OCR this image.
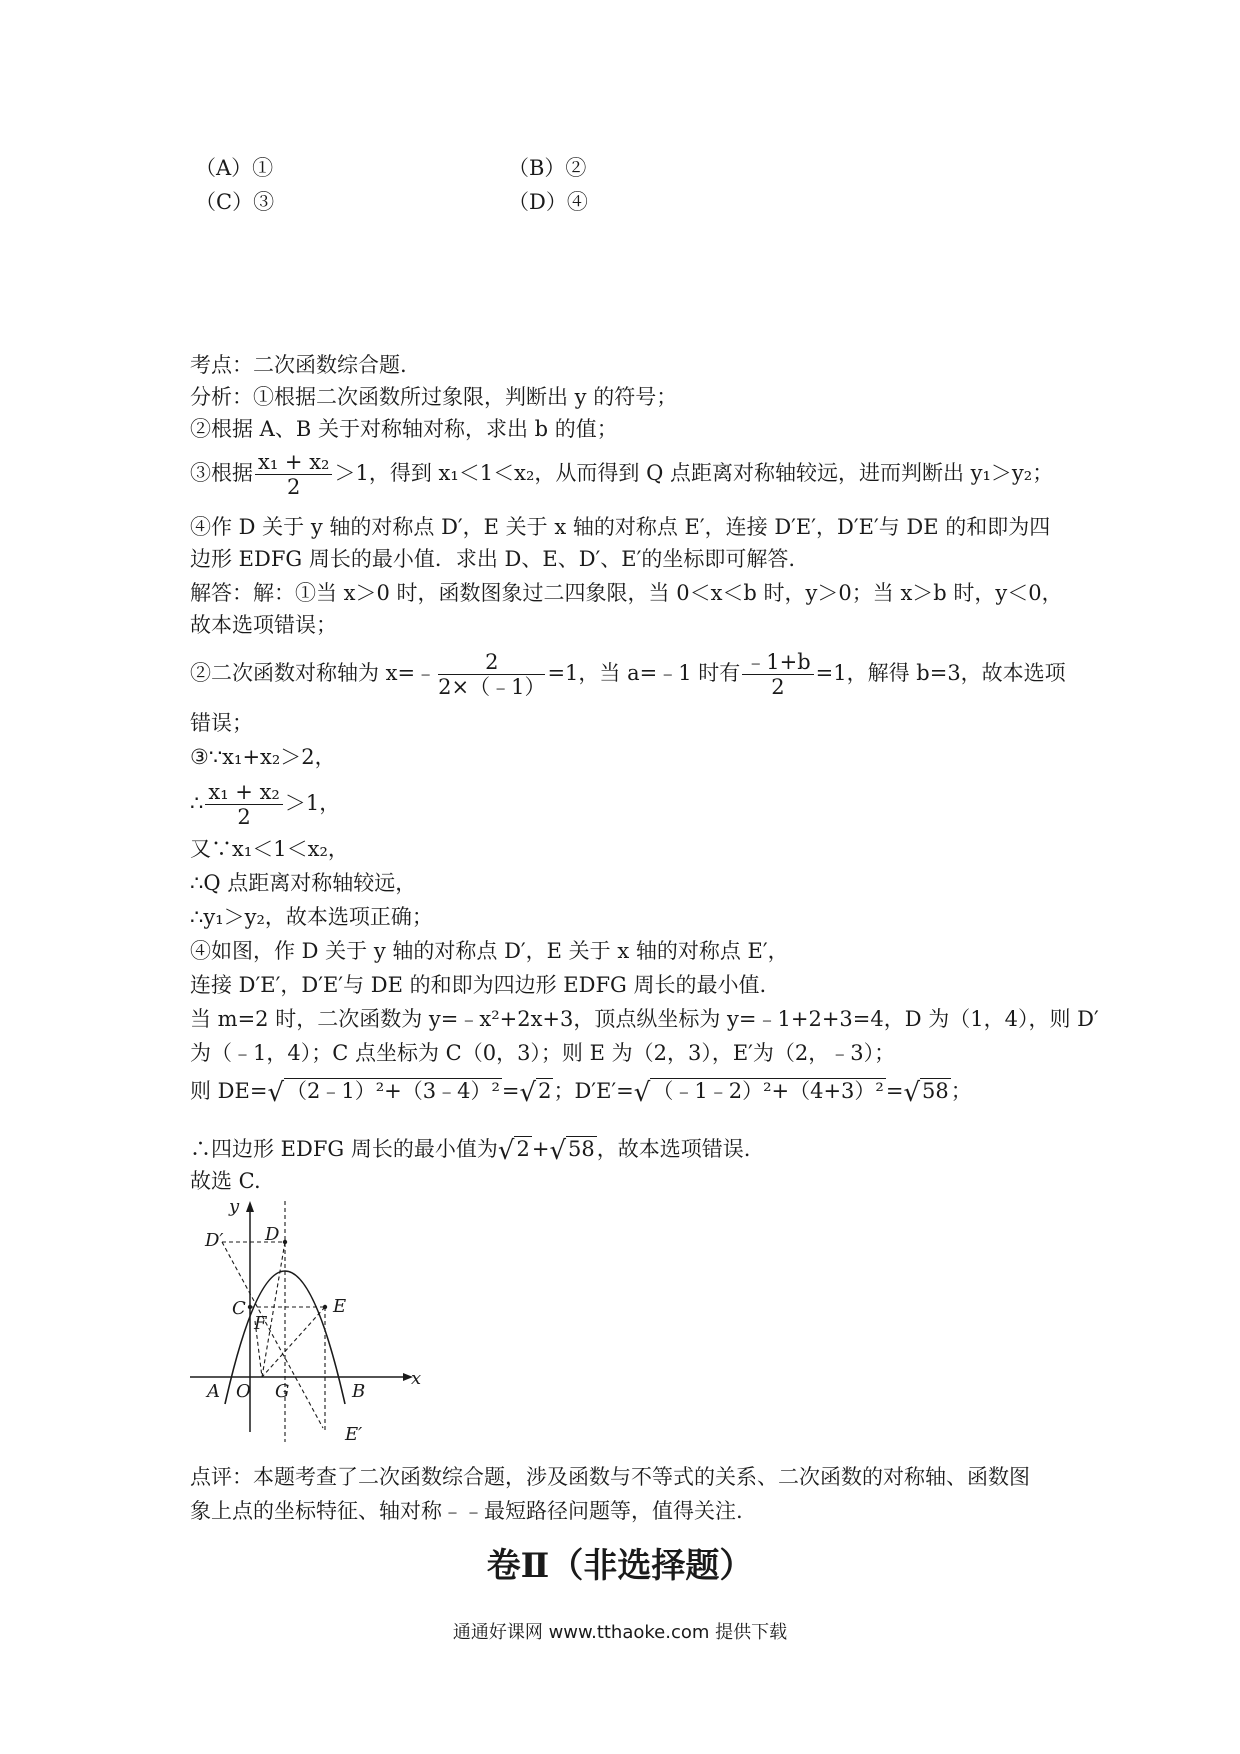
（A）①	（B）②
（C）③	（D）④
考点：二次函数综合题.
分析：①根据二次函数所过象限，判断出 y 的符号；
②根据 A、B 关于对称轴对称，求出 b 的值；
③根据 $\frac{\text{x₁ + x₂}}{2} >1$，得到 x₁＜1＜x₂，从而得到 Q 点距离对称轴较远，进而判断出 y₁＞y₂；
④作 D 关于 y 轴的对称点 D′，E 关于 x 轴的对称点 E′，连接 D′E′，D′E′与 DE 的和即为四
边形 EDFG 周长的最小值．求出 D、E、D′、E′的坐标即可解答.
解答：解：①当 x＞0 时，函数图象过二四象限，当 0＜x＜b 时，y＞0；当 x＞b 时，y＜0，
故本选项错误；
②二次函数对称轴为 x=﹣ $\frac{2}{2\times(﹣1)} =1$，当 a=﹣1 时有 $\frac{﹣1+b}{2} =1$，解得 b=3，故本选项
错误；
③∵x₁+x₂＞2，
∴ $\frac{\text{x₁ + x₂}}{2} >1$，
又∵x₁＜1＜x₂，
∴Q 点距离对称轴较远，
∴y₁＞y₂，故本选项正确；
④如图，作 D 关于 y 轴的对称点 D′，E 关于 x 轴的对称点 E′，
连接 D′E′，D′E′与 DE 的和即为四边形 EDFG 周长的最小值.
当 m=2 时，二次函数为 y=﹣x²+2x+3，顶点纵坐标为 y=﹣1+2+3=4，D 为（1，4），则 D′
为（﹣1，4）；C 点坐标为 C（0，3）；则 E 为（2，3），E′为（2，﹣3）；
则 DE=√（2﹣1）²+（3﹣4）²=√2；D′E′=√（﹣1﹣2）²+（4+3）²=√58；
∴四边形 EDFG 周长的最小值为√2+√58，故本选项错误.
故选 C.
y
x
D′ D
C
F
E
A O G	B
E′
点评：本题考查了二次函数综合题，涉及函数与不等式的关系、二次函数的对称轴、函数图
象上点的坐标特征、轴对称﹣﹣最短路径问题等，值得关注.
卷Ⅱ（非选择题）
通通好课网 www.tthaoke.com 提供下载
